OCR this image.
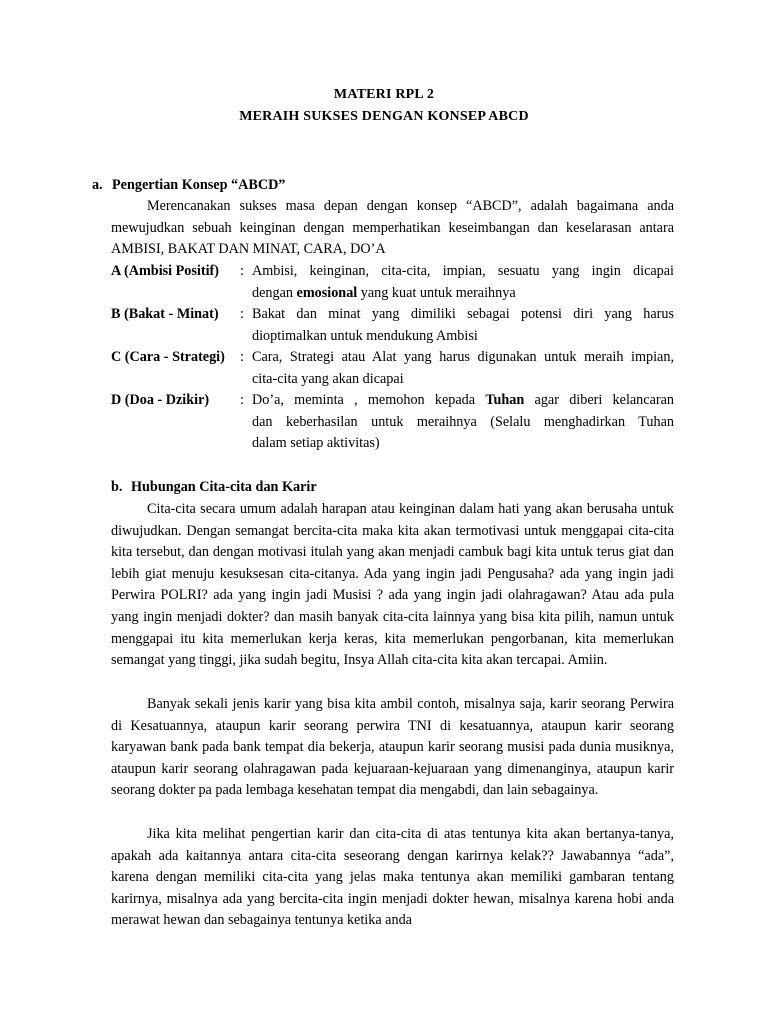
MATERI RPL 2
MERAIH SUKSES DENGAN KONSEP ABCD
a. Pengertian Konsep “ABCD”

Merencanakan sukses masa depan dengan konsep “ABCD”, adalah bagaimana anda mewujudkan sebuah keinginan dengan memperhatikan keseimbangan dan keselarasan antara AMBISI, BAKAT DAN MINAT, CARA, DO’A

A (Ambisi Positif)	: Ambisi, keinginan, cita-cita, impian, sesuatu yang ingin dicapai
dengan emosional yang kuat untuk meraihnya
B (Bakat - Minat)	: Bakat dan minat yang dimiliki sebagai potensi diri yang harus
dioptimalkan untuk mendukung Ambisi
C (Cara - Strategi)	: Cara, Strategi atau Alat yang harus digunakan untuk meraih impian,
cita-cita yang akan dicapai
D (Doa - Dzikir)	: Do’a, meminta , memohon kepada Tuhan agar diberi kelancaran
dan keberhasilan untuk meraihnya (Selalu menghadirkan Tuhan
dalam setiap aktivitas)
b. Hubungan Cita-cita dan Karir

Cita-cita secara umum adalah harapan atau keinginan dalam hati yang akan berusaha untuk diwujudkan. Dengan semangat bercita-cita maka kita akan termotivasi untuk menggapai cita-cita kita tersebut, dan dengan motivasi itulah yang akan menjadi cambuk bagi kita untuk terus giat dan lebih giat menuju kesuksesan cita-citanya. Ada yang ingin jadi Pengusaha? ada yang ingin jadi Perwira POLRI? ada yang ingin jadi Musisi ? ada yang ingin jadi olahragawan? Atau ada pula yang ingin menjadi dokter? dan masih banyak cita-cita lainnya yang bisa kita pilih, namun untuk menggapai itu kita memerlukan kerja keras, kita memerlukan pengorbanan, kita memerlukan semangat yang tinggi, jika sudah begitu, Insya Allah cita-cita kita akan tercapai. Amiin.

Banyak sekali jenis karir yang bisa kita ambil contoh, misalnya saja, karir seorang Perwira di Kesatuannya, ataupun karir seorang perwira TNI di kesatuannya, ataupun karir seorang karyawan bank pada bank tempat dia bekerja, ataupun karir seorang musisi pada dunia musiknya, ataupun karir seorang olahragawan pada kejuaraan-kejuaraan yang dimenanginya, ataupun karir seorang dokter pa pada lembaga kesehatan tempat dia mengabdi, dan lain sebagainya.

Jika kita melihat pengertian karir dan cita-cita di atas tentunya kita akan bertanya-tanya, apakah ada kaitannya antara cita-cita seseorang dengan karirnya kelak?? Jawabannya “ada”, karena dengan memiliki cita-cita yang jelas maka tentunya akan memiliki gambaran tentang karirnya, misalnya ada yang bercita-cita ingin menjadi dokter hewan, misalnya karena hobi anda merawat hewan dan sebagainya tentunya ketika anda
